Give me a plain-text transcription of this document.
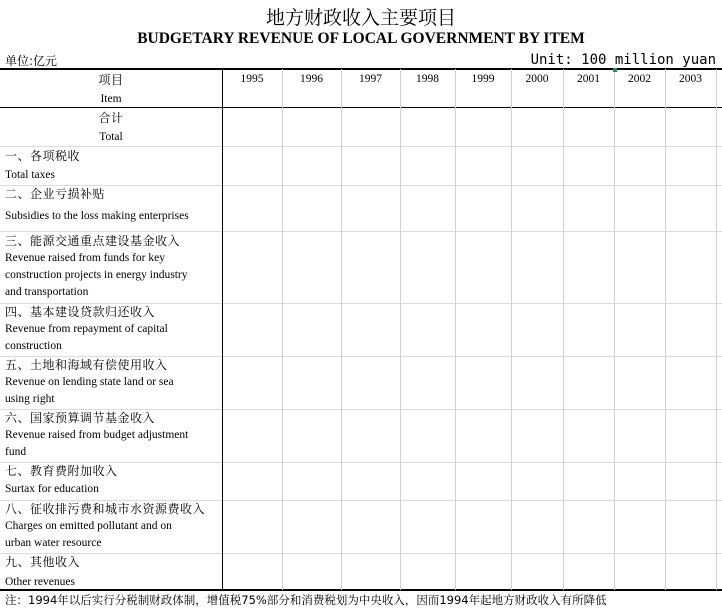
地方财政收入主要项目
BUDGETARY REVENUE OF LOCAL GOVERNMENT BY ITEM
单位:亿元	Unit: 100 million yuan
项目
Item
1995	1996	1997	1998	1999	2000	2001	2002	2003
合计
Total
一、各项税收
Total taxes
二、企业亏损补贴
Subsidies to the loss making enterprises
三、能源交通重点建设基金收入
Revenue raised from funds for key
construction projects in energy industry
and transportation
四、基本建设贷款归还收入
Revenue from repayment of capital
construction
五、土地和海域有偿使用收入
Revenue on lending state land or sea
using right
六、国家预算调节基金收入
Revenue raised from budget adjustment
fund
七、教育费附加收入
Surtax for education
八、征收排污费和城市水资源费收入
Charges on emitted pollutant and on
urban water resource
九、其他收入
Other revenues
注：1994年以后实行分税制财政体制，增值税75%部分和消费税划为中央收入，因而1994年起地方财政收入有所降低
